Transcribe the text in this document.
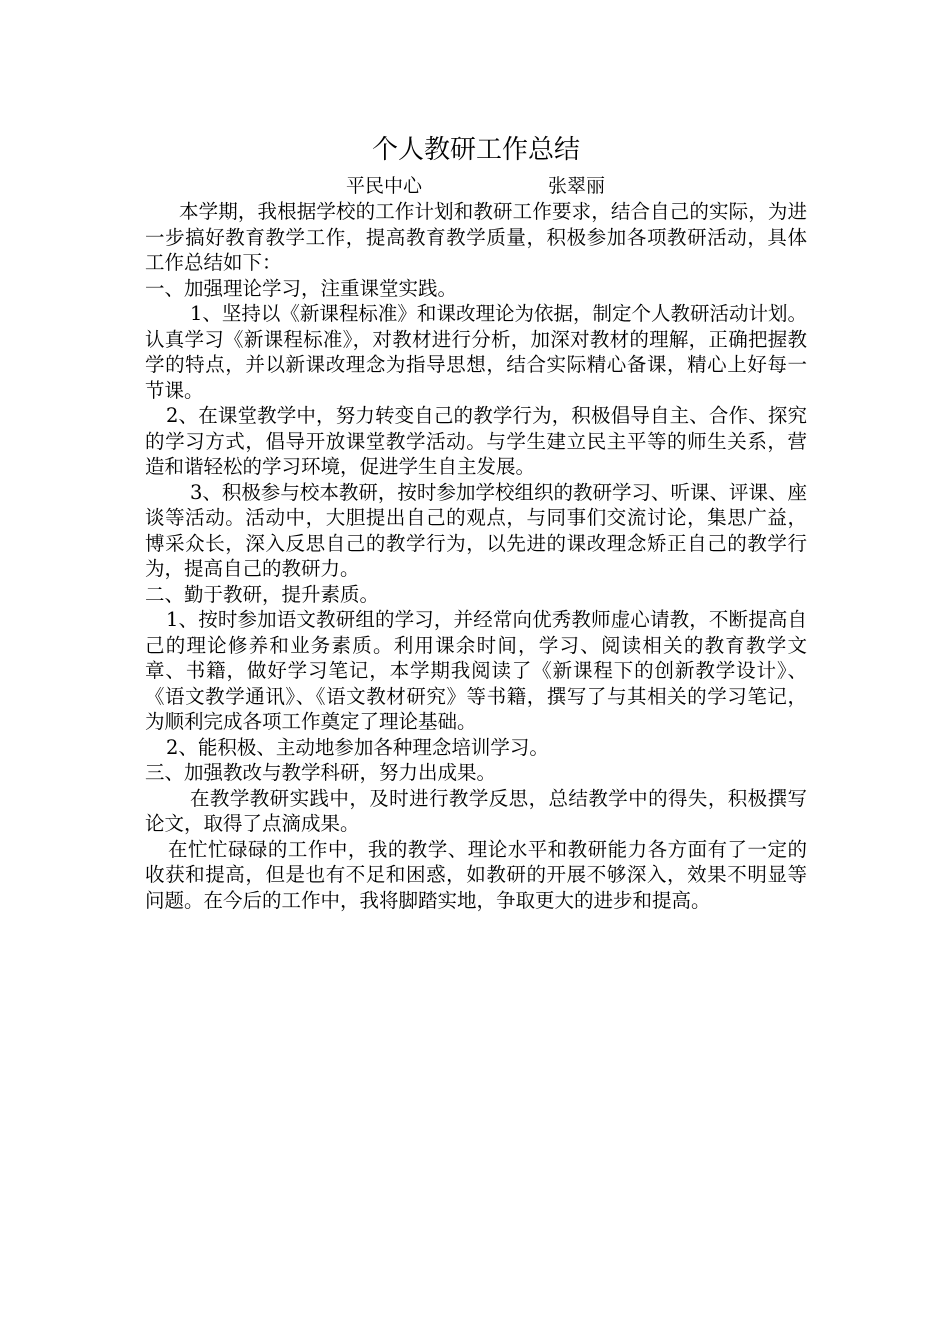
个人教研工作总结
平民中心	张翠丽

本学期，我根据学校的工作计划和教研工作要求，结合自己的实际，为进一步搞好教育教学工作，提高教育教学质量，积极参加各项教研活动，具体工作总结如下：

一、加强理论学习，注重课堂实践。

1、坚持以《新课程标准》和课改理论为依据，制定个人教研活动计划。认真学习《新课程标准》，对教材进行分析，加深对教材的理解，正确把握教学的特点，并以新课改理念为指导思想，结合实际精心备课，精心上好每一节课。

2、在课堂教学中，努力转变自己的教学行为，积极倡导自主、合作、探究的学习方式，倡导开放课堂教学活动。与学生建立民主平等的师生关系，营造和谐轻松的学习环境，促进学生自主发展。

3、积极参与校本教研，按时参加学校组织的教研学习、听课、评课、座谈等活动。活动中，大胆提出自己的观点，与同事们交流讨论，集思广益，博采众长，深入反思自己的教学行为，以先进的课改理念矫正自己的教学行为，提高自己的教研力。

二、勤于教研，提升素质。

1、按时参加语文教研组的学习，并经常向优秀教师虚心请教，不断提高自己的理论修养和业务素质。利用课余时间，学习、阅读相关的教育教学文章、书籍，做好学习笔记，本学期我阅读了《新课程下的创新教学设计》、《语文教学通讯》、《语文教材研究》等书籍，撰写了与其相关的学习笔记，为顺利完成各项工作奠定了理论基础。

2、能积极、主动地参加各种理念培训学习。

三、加强教改与教学科研，努力出成果。

在教学教研实践中，及时进行教学反思，总结教学中的得失，积极撰写论文，取得了点滴成果。

在忙忙碌碌的工作中，我的教学、理论水平和教研能力各方面有了一定的收获和提高，但是也有不足和困惑，如教研的开展不够深入，效果不明显等问题。在今后的工作中，我将脚踏实地，争取更大的进步和提高。
